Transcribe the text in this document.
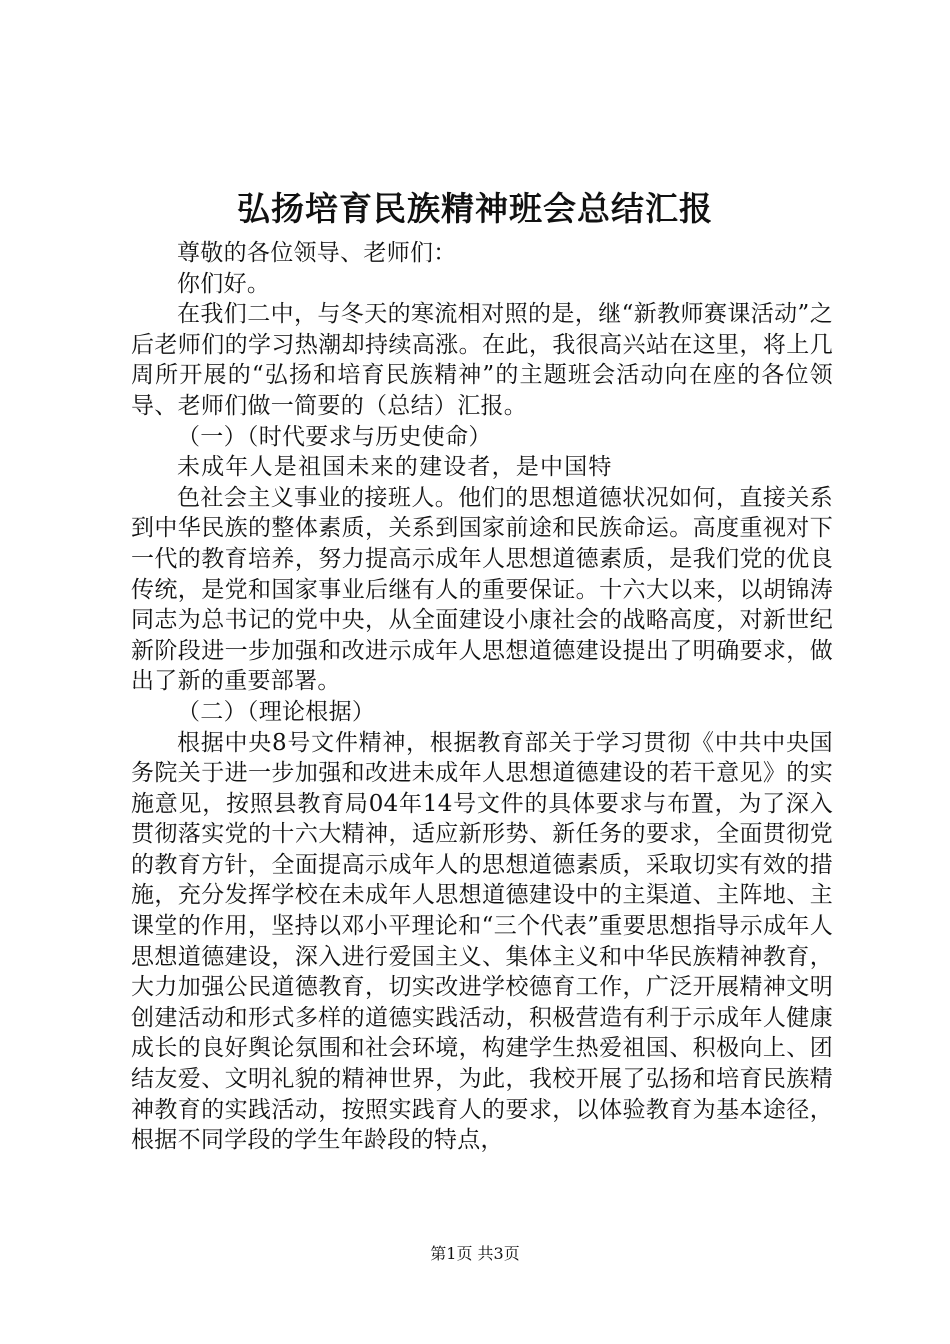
弘扬培育民族精神班会总结汇报

尊敬的各位领导、老师们：

你们好。

在我们二中，与冬天的寒流相对照的是，继“新教师赛课活动”之后老师们的学习热潮却持续高涨。在此，我很高兴站在这里，将上几周所开展的“弘扬和培育民族精神”的主题班会活动向在座的各位领导、老师们做一简要的（总结）汇报。

（一）（时代要求与历史使命）

未成年人是祖国未来的建设者，是中国特

色社会主义事业的接班人。他们的思想道德状况如何，直接关系到中华民族的整体素质，关系到国家前途和民族命运。高度重视对下一代的教育培养，努力提高示成年人思想道德素质，是我们党的优良传统，是党和国家事业后继有人的重要保证。十六大以来，以胡锦涛同志为总书记的党中央，从全面建设小康社会的战略高度，对新世纪新阶段进一步加强和改进示成年人思想道德建设提出了明确要求，做出了新的重要部署。

（二）（理论根据）

根据中央8号文件精神，根据教育部关于学习贯彻《中共中央国务院关于进一步加强和改进未成年人思想道德建设的若干意见》的实施意见，按照县教育局04年14号文件的具体要求与布置，为了深入贯彻落实党的十六大精神，适应新形势、新任务的要求，全面贯彻党的教育方针，全面提高示成年人的思想道德素质，采取切实有效的措施，充分发挥学校在未成年人思想道德建设中的主渠道、主阵地、主课堂的作用，坚持以邓小平理论和“三个代表”重要思想指导示成年人思想道德建设，深入进行爱国主义、集体主义和中华民族精神教育，大力加强公民道德教育，切实改进学校德育工作，广泛开展精神文明创建活动和形式多样的道德实践活动，积极营造有利于示成年人健康成长的良好舆论氛围和社会环境，构建学生热爱祖国、积极向上、团结友爱、文明礼貌的精神世界，为此，我校开展了弘扬和培育民族精神教育的实践活动，按照实践育人的要求，以体验教育为基本途径，根据不同学段的学生年龄段的特点，

第1页 共3页
